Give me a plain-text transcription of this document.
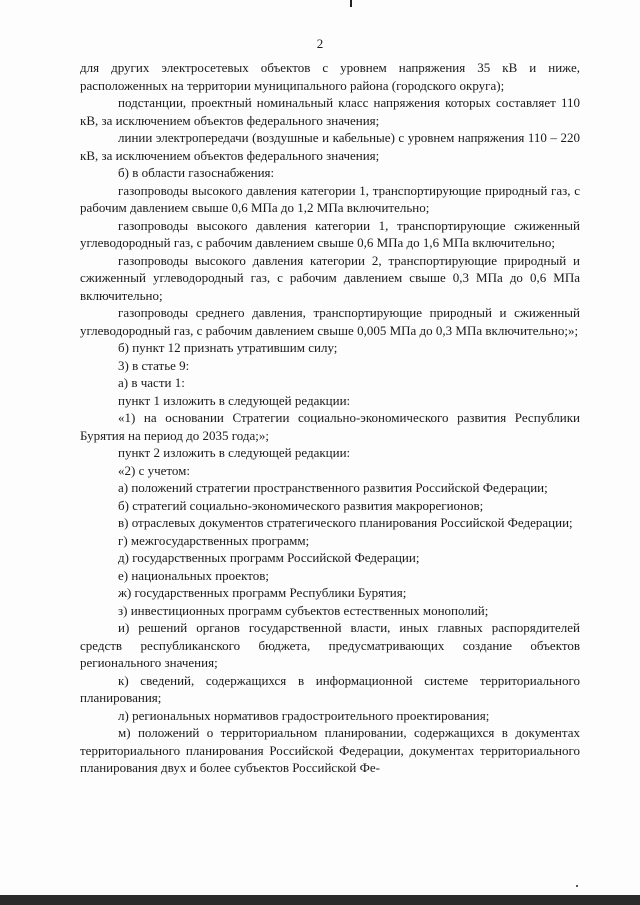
2

для других электросетевых объектов с уровнем напряжения 35 кВ и ниже, расположенных на территории муниципального района (городского округа);

подстанции, проектный номинальный класс напряжения которых составляет 110 кВ, за исключением объектов федерального значения;

линии электропередачи (воздушные и кабельные) с уровнем напряжения 110 – 220 кВ, за исключением объектов федерального значения;

б) в области газоснабжения:

газопроводы высокого давления категории 1, транспортирующие природный газ, с рабочим давлением свыше 0,6 МПа до 1,2 МПа включительно;

газопроводы высокого давления категории 1, транспортирующие сжиженный углеводородный газ, с рабочим давлением свыше 0,6 МПа до 1,6 МПа включительно;

газопроводы высокого давления категории 2, транспортирующие природный и сжиженный углеводородный газ, с рабочим давлением свыше 0,3 МПа до 0,6 МПа включительно;

газопроводы среднего давления, транспортирующие природный и сжиженный углеводородный газ, с рабочим давлением свыше 0,005 МПа до 0,3 МПа включительно;»;

б) пункт 12 признать утратившим силу;

3) в статье 9:

а) в части 1:

пункт 1 изложить в следующей редакции:

«1) на основании Стратегии социально-экономического развития Республики Бурятия на период до 2035 года;»;

пункт 2 изложить в следующей редакции:

«2) с учетом:

а) положений стратегии пространственного развития Российской Федерации;

б) стратегий социально-экономического развития макрорегионов;

в) отраслевых документов стратегического планирования Российской Федерации;

г) межгосударственных программ;

д) государственных программ Российской Федерации;

е) национальных проектов;

ж) государственных программ Республики Бурятия;

з) инвестиционных программ субъектов естественных монополий;

и) решений органов государственной власти, иных главных распорядителей средств республиканского бюджета, предусматривающих создание объектов регионального значения;

к) сведений, содержащихся в информационной системе территориального планирования;

л) региональных нормативов градостроительного проектирования;

м) положений о территориальном планировании, содержащихся в документах территориального планирования Российской Федерации, документах территориального планирования двух и более субъектов Российской Фе-
